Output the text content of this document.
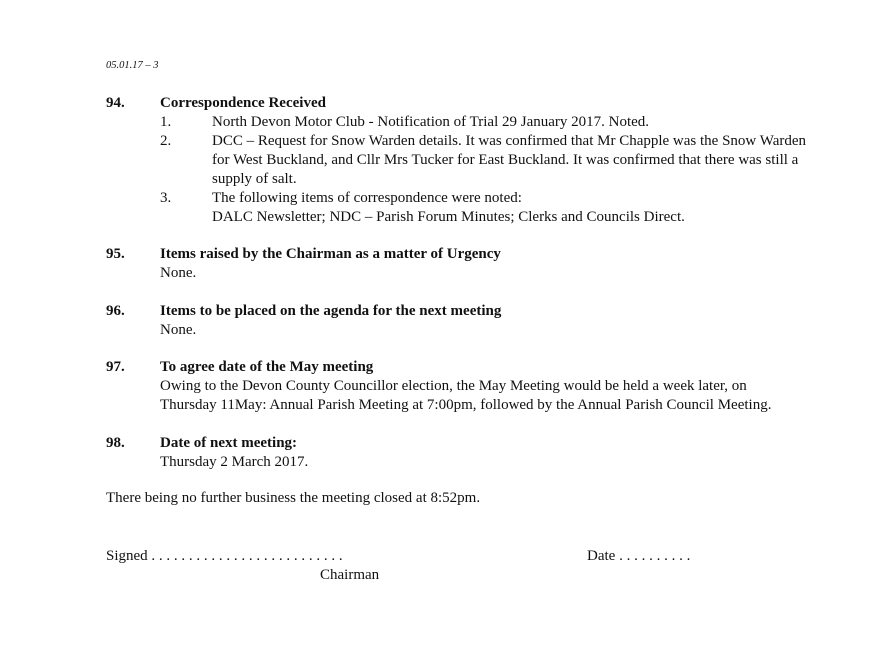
05.01.17 – 3
94. Correspondence Received
1.	North Devon Motor Club - Notification of Trial 29 January 2017. Noted.
2.	DCC – Request for Snow Warden details. It was confirmed that Mr Chapple was the Snow Warden for West Buckland, and Cllr Mrs Tucker for East Buckland. It was confirmed that there was still a supply of salt.
3.	The following items of correspondence were noted:
DALC Newsletter; NDC – Parish Forum Minutes; Clerks and Councils Direct.
95. Items raised by the Chairman as a matter of Urgency
None.
96. Items to be placed on the agenda for the next meeting
None.
97. To agree date of the May meeting
Owing to the Devon County Councillor election, the May Meeting would be held a week later, on
Thursday 11May: Annual Parish Meeting at 7:00pm, followed by the Annual Parish Council Meeting.
98. Date of next meeting:
Thursday 2 March 2017.
There being no further business the meeting closed at 8:52pm.
Signed . . . . . . . . . . . . . . . . . . . . . . . . . .
Chairman
Date . . . . . . . . . .
